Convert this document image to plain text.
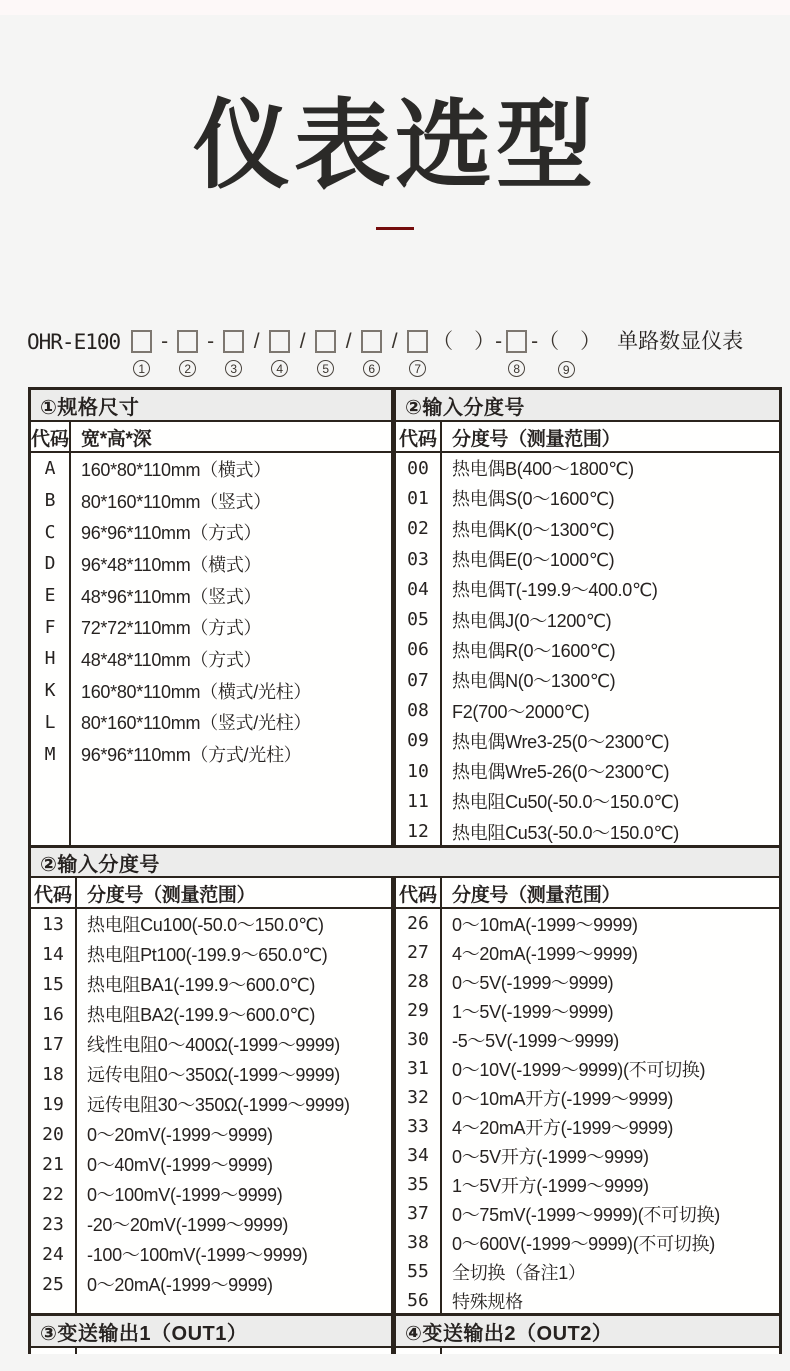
仪表选型
OHR-E100
1
-
2
-
3
/
4
/
5
/
6
/
7
（　）-
8
-（　）
9
单路数显仪表
①规格尺寸	②输入分度号
代码 宽*高*深	代码 分度号（测量范围）
A	160*80*110mm（横式）
B	80*160*110mm（竖式）
C	96*96*110mm（方式）
D	96*48*110mm（横式）
E	48*96*110mm（竖式）
F	72*72*110mm（方式）
H	48*48*110mm（方式）
K	160*80*110mm（横式/光柱）
L	80*160*110mm（竖式/光柱）
M	96*96*110mm（方式/光柱）
00	热电偶B(400～1800℃)
01	热电偶S(0～1600℃)
02	热电偶K(0～1300℃)
03	热电偶E(0～1000℃)
04	热电偶T(-199.9～400.0℃)
05	热电偶J(0～1200℃)
06	热电偶R(0～1600℃)
07	热电偶N(0～1300℃)
08	F2(700～2000℃)
09	热电偶Wre3-25(0～2300℃)
10	热电偶Wre5-26(0～2300℃)
11	热电阻Cu50(-50.0～150.0℃)
12	热电阻Cu53(-50.0～150.0℃)
②输入分度号
代码 分度号（测量范围）	代码 分度号（测量范围）
13	热电阻Cu100(-50.0～150.0℃)
14	热电阻Pt100(-199.9～650.0℃)
15	热电阻BA1(-199.9～600.0℃)
16	热电阻BA2(-199.9～600.0℃)
17	线性电阻0～400Ω(-1999～9999)
18	远传电阻0～350Ω(-1999～9999)
19	远传电阻30～350Ω(-1999～9999)
20	0～20mV(-1999～9999)
21	0～40mV(-1999～9999)
22	0～100mV(-1999～9999)
23	-20～20mV(-1999～9999)
24	-100～100mV(-1999～9999)
25	0～20mA(-1999～9999)
26	0～10mA(-1999～9999)
27	4～20mA(-1999～9999)
28	0～5V(-1999～9999)
29	1～5V(-1999～9999)
30	-5～5V(-1999～9999)
31	0～10V(-1999～9999)(不可切换)
32	0～10mA开方(-1999～9999)
33	4～20mA开方(-1999～9999)
34	0～5V开方(-1999～9999)
35	1～5V开方(-1999～9999)
37	0～75mV(-1999～9999)(不可切换)
38	0～600V(-1999～9999)(不可切换)
55	全切换（备注1）
56	特殊规格
③变送输出1（OUT1）	④变送输出2（OUT2）
